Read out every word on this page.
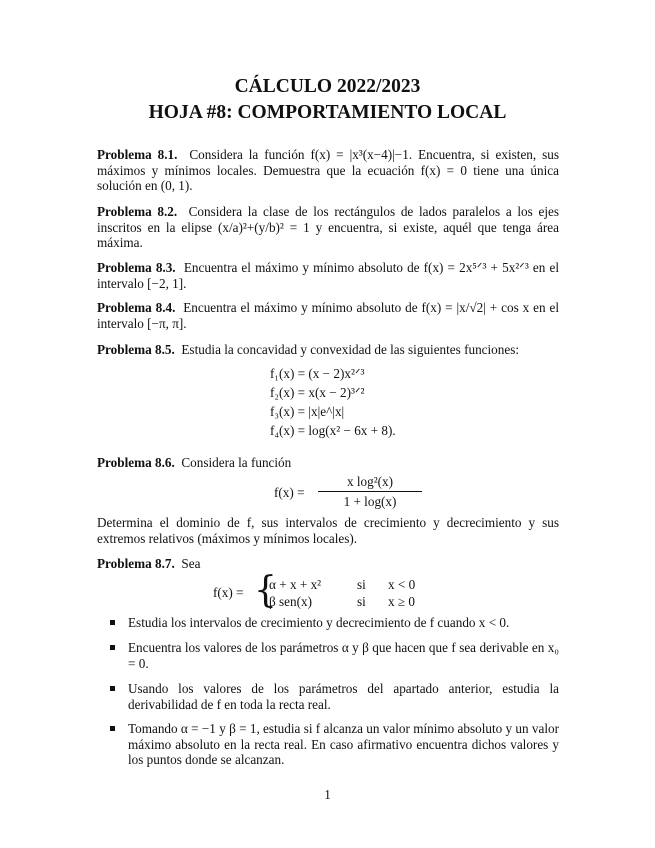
CÁLCULO 2022/2023
HOJA #8: COMPORTAMIENTO LOCAL
Problema 8.1. Considera la función f(x) = |x³(x−4)|−1. Encuentra, si existen, sus máximos y mínimos locales. Demuestra que la ecuación f(x) = 0 tiene una única solución en (0, 1).
Problema 8.2. Considera la clase de los rectángulos de lados paralelos a los ejes inscritos en la elipse (x/a)²+(y/b)² = 1 y encuentra, si existe, aquél que tenga área máxima.
Problema 8.3. Encuentra el máximo y mínimo absoluto de f(x) = 2x⁵ᐟ³ + 5x²ᐟ³ en el intervalo [−2, 1].
Problema 8.4. Encuentra el máximo y mínimo absoluto de f(x) = |x/√2| + cos x en el intervalo [−π, π].
Problema 8.5. Estudia la concavidad y convexidad de las siguientes funciones:
f₁(x) = (x − 2)x²ᐟ³
f₂(x) = x(x − 2)³ᐟ²
f₃(x) = |x|e^|x|
f₄(x) = log(x² − 6x + 8).
Problema 8.6. Considera la función
f(x) =
x log²(x)
1 + log(x)
Determina el dominio de f, sus intervalos de crecimiento y decrecimiento y sus extremos relativos (máximos y mínimos locales).
Problema 8.7. Sea
f(x) = {
α + x + x²	si x < 0
β sen(x)	si x ≥ 0
Estudia los intervalos de crecimiento y decrecimiento de f cuando x < 0.
Encuentra los valores de los parámetros α y β que hacen que f sea derivable en x₀ = 0.
Usando los valores de los parámetros del apartado anterior, estudia la derivabilidad de f en toda la recta real.
Tomando α = −1 y β = 1, estudia si f alcanza un valor mínimo absoluto y un valor máximo absoluto en la recta real. En caso afirmativo encuentra dichos valores y los puntos donde se alcanzan.
1
